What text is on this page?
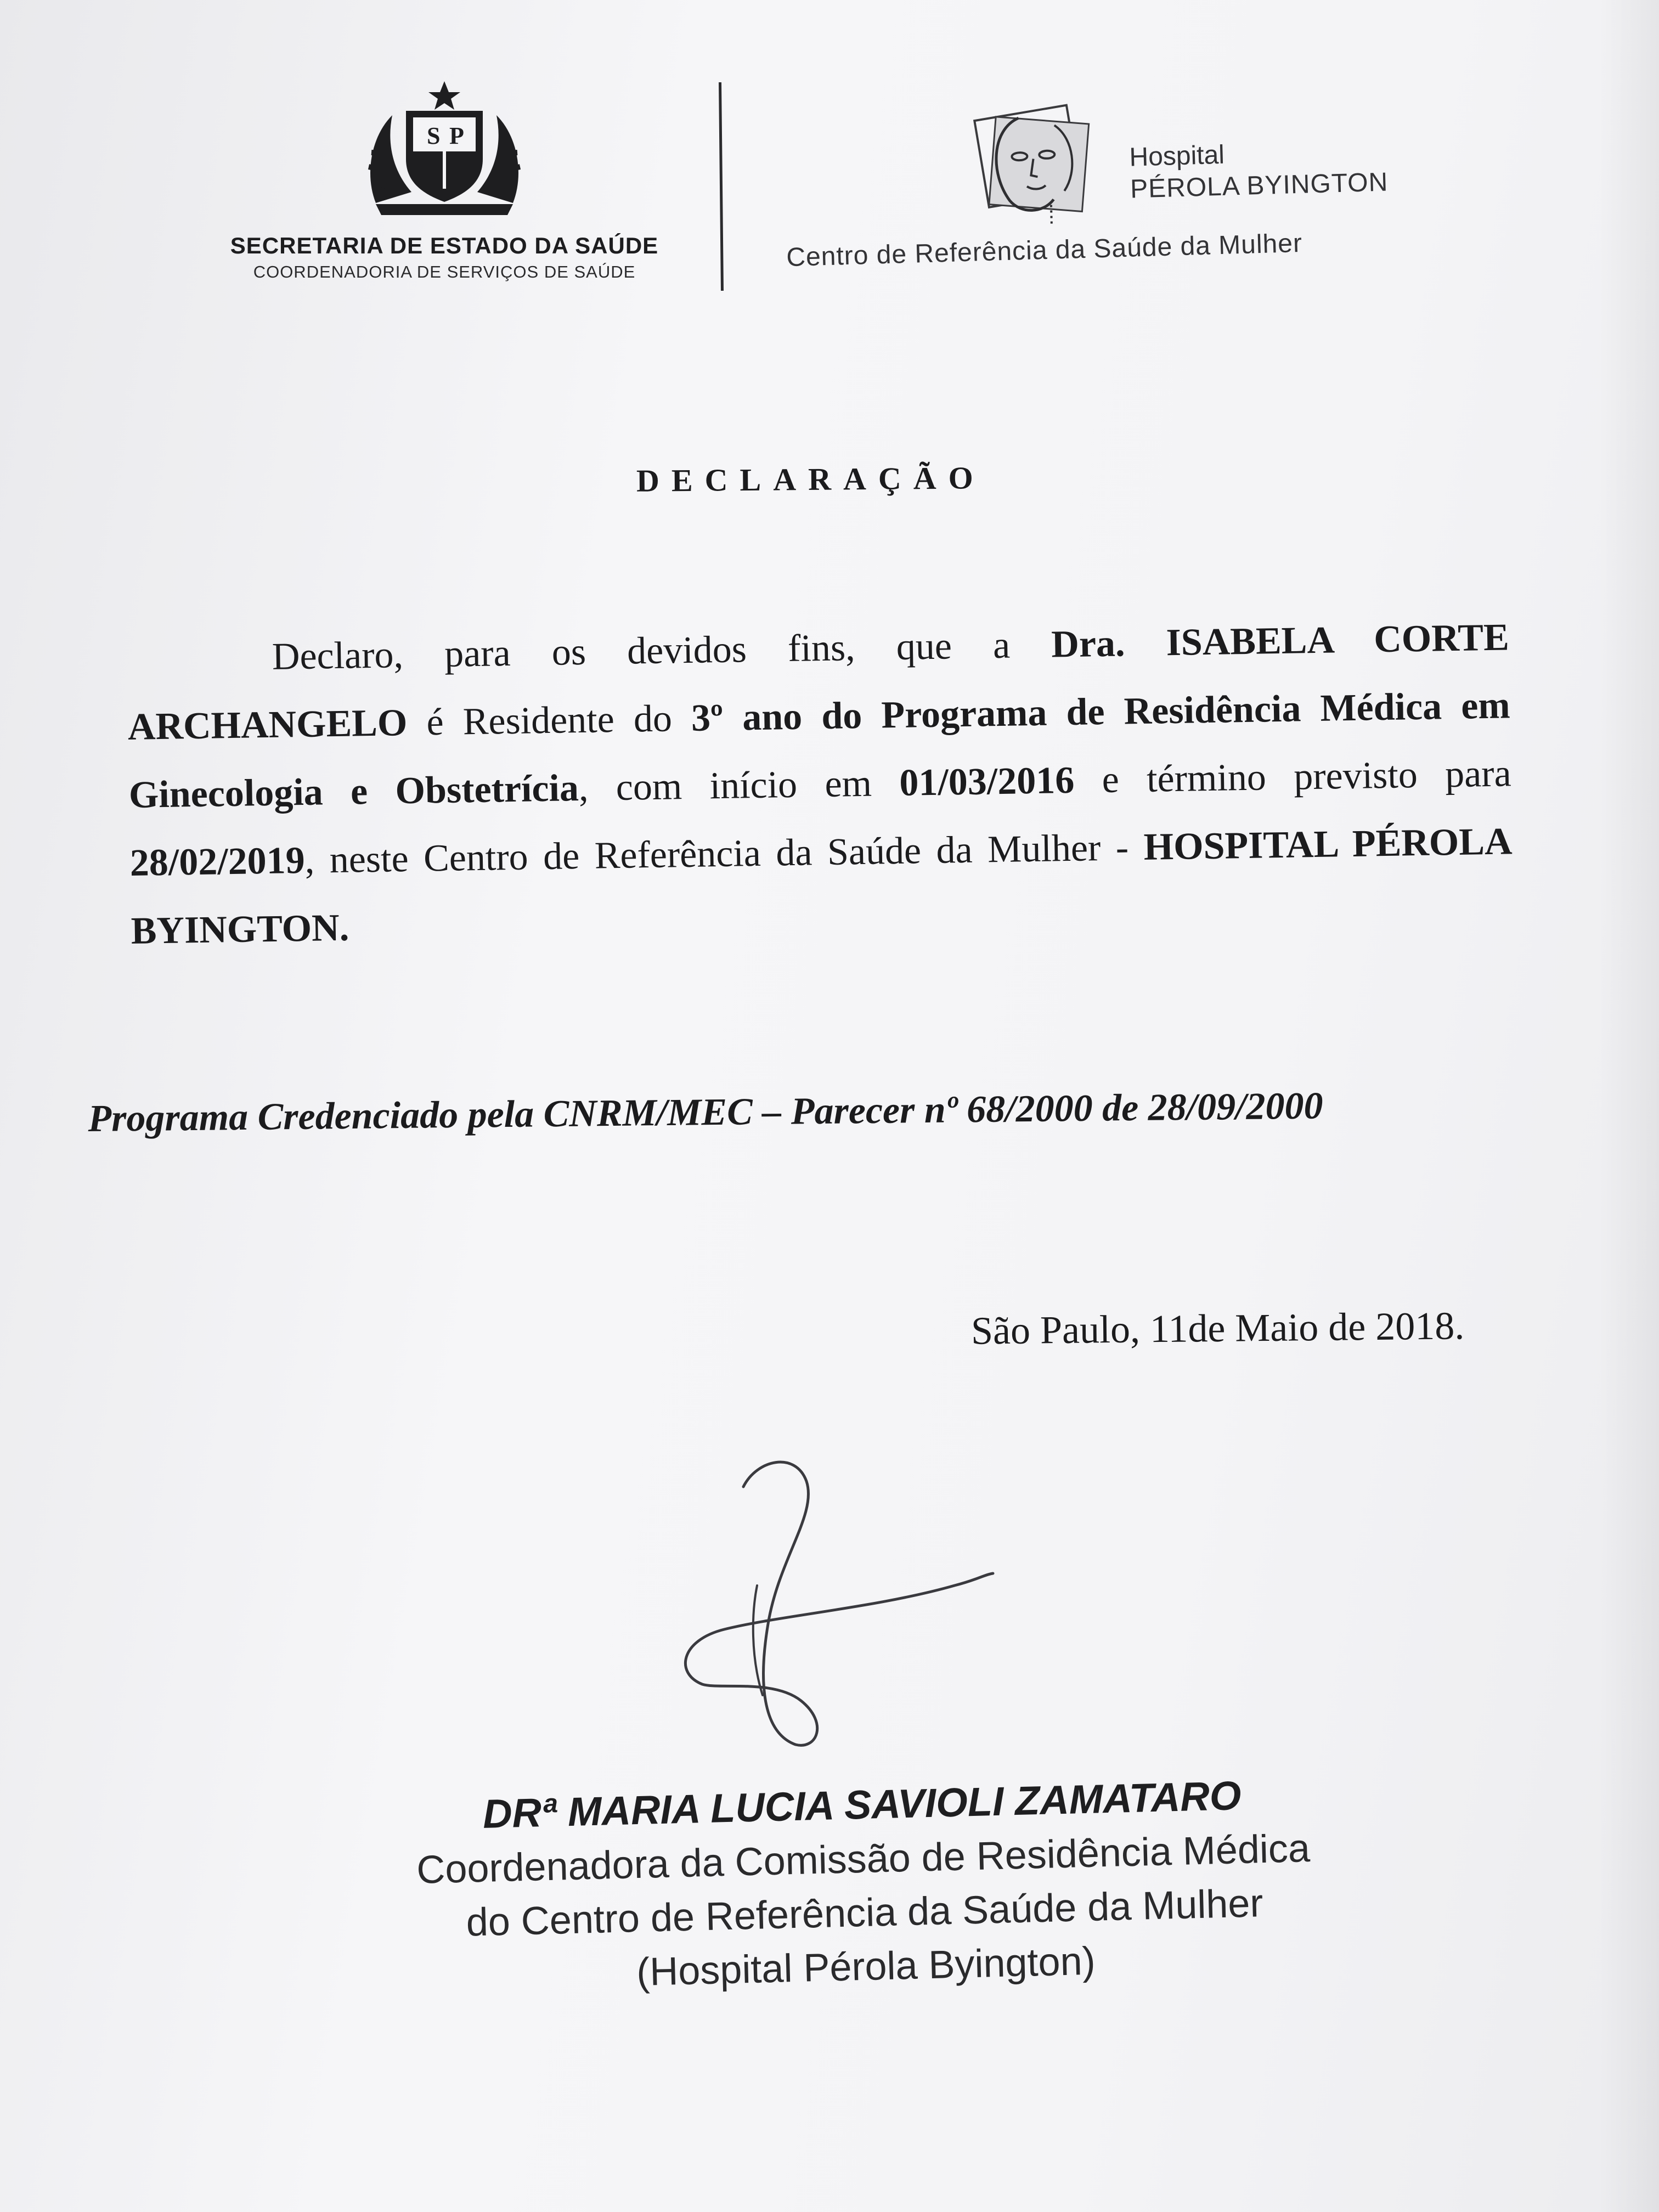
S P
SECRETARIA DE ESTADO DA SAÚDE
COORDENADORIA DE SERVIÇOS DE SAÚDE
Hospital
PÉROLA BYINGTON
Centro de Referência da Saúde da Mulher
DECLARAÇÃO

Declaro, para os devidos fins, que a Dra. ISABELA CORTE ARCHANGELO é Residente do 3º ano do Programa de Residência Médica em Ginecologia e Obstetrícia, com início em 01/03/2016 e término previsto para 28/02/2019, neste Centro de Referência da Saúde da Mulher - HOSPITAL PÉROLA BYINGTON.

Programa Credenciado pela CNRM/MEC – Parecer nº 68/2000 de 28/09/2000
São Paulo, 11de Maio de 2018.
DRª MARIA LUCIA SAVIOLI ZAMATARO
Coordenadora da Comissão de Residência Médica
do Centro de Referência da Saúde da Mulher
(Hospital Pérola Byington)
